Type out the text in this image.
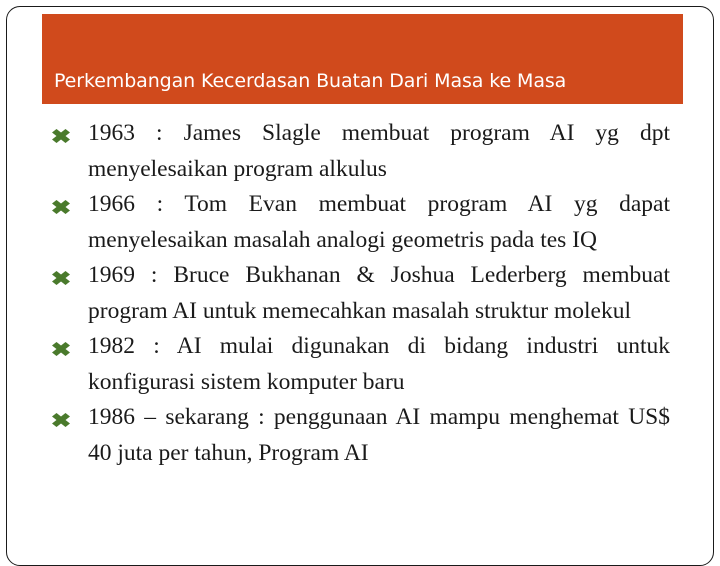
Perkembangan Kecerdasan Buatan Dari Masa ke Masa
1963 : James Slagle membuat program AI yg dpt menyelesaikan program alkulus
1966 : Tom Evan membuat program AI yg dapat menyelesaikan masalah analogi geometris pada tes IQ
1969 : Bruce Bukhanan & Joshua Lederberg membuat program AI untuk memecahkan masalah struktur molekul
1982 : AI mulai digunakan di bidang industri untuk konfigurasi sistem komputer baru
1986 – sekarang : penggunaan AI mampu menghemat US$ 40 juta per tahun, Program AI
